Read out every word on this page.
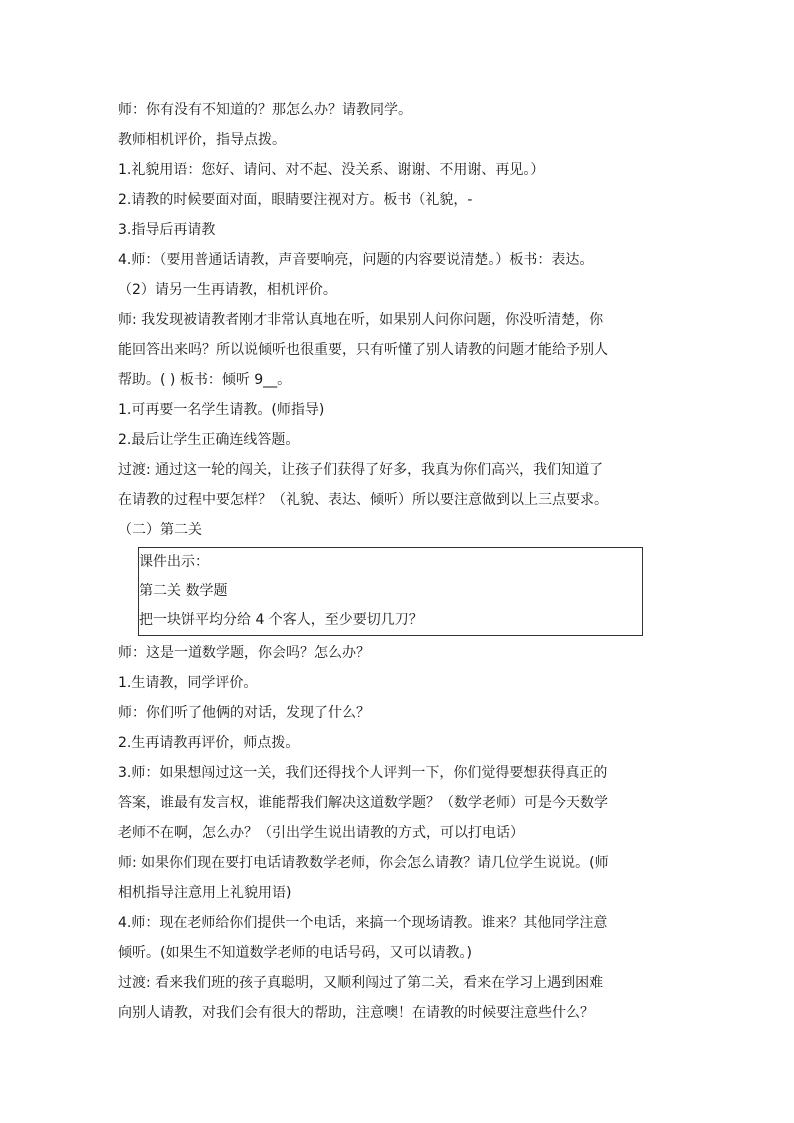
师：你有没有不知道的？那怎么办？请教同学。
教师相机评价，指导点拨。
1.礼貌用语：您好、请问、对不起、没关系、谢谢、不用谢、再见。）
2.请教的时候要面对面，眼睛要注视对方。板书（礼貌，-
3.指导后再请教
4.师：（要用普通话请教，声音要响亮，问题的内容要说清楚。）板书：表达。
（2）请另一生再请教，相机评价。
师: 我发现被请教者刚才非常认真地在听，如果别人问你问题，你没听清楚，你
能回答出来吗？所以说倾听也很重要，只有听懂了别人请教的问题才能给予别人
帮助。( ) 板书：倾听 9__。
1.可再要一名学生请教。(师指导)
2.最后让学生正确连线答题。
过渡: 通过这一轮的闯关，让孩子们获得了好多，我真为你们高兴，我们知道了
在请教的过程中要怎样？（礼貌、表达、倾听）所以要注意做到以上三点要求。
（二）第二关
课件出示：
第二关 数学题
把一块饼平均分给 4 个客人，至少要切几刀？
师：这是一道数学题，你会吗？怎么办？
1.生请教，同学评价。
师：你们听了他俩的对话，发现了什么？
2.生再请教再评价，师点拨。
3.师：如果想闯过这一关，我们还得找个人评判一下，你们觉得要想获得真正的
答案，谁最有发言权，谁能帮我们解决这道数学题？（数学老师）可是今天数学
老师不在啊，怎么办？（引出学生说出请教的方式，可以打电话）
师: 如果你们现在要打电话请教数学老师，你会怎么请教？请几位学生说说。(师
相机指导注意用上礼貌用语)
4.师：现在老师给你们提供一个电话，来搞一个现场请教。谁来？其他同学注意
倾听。(如果生不知道数学老师的电话号码，又可以请教。)
过渡: 看来我们班的孩子真聪明，又顺利闯过了第二关，看来在学习上遇到困难
向别人请教，对我们会有很大的帮助，注意噢！在请教的时候要注意些什么？
